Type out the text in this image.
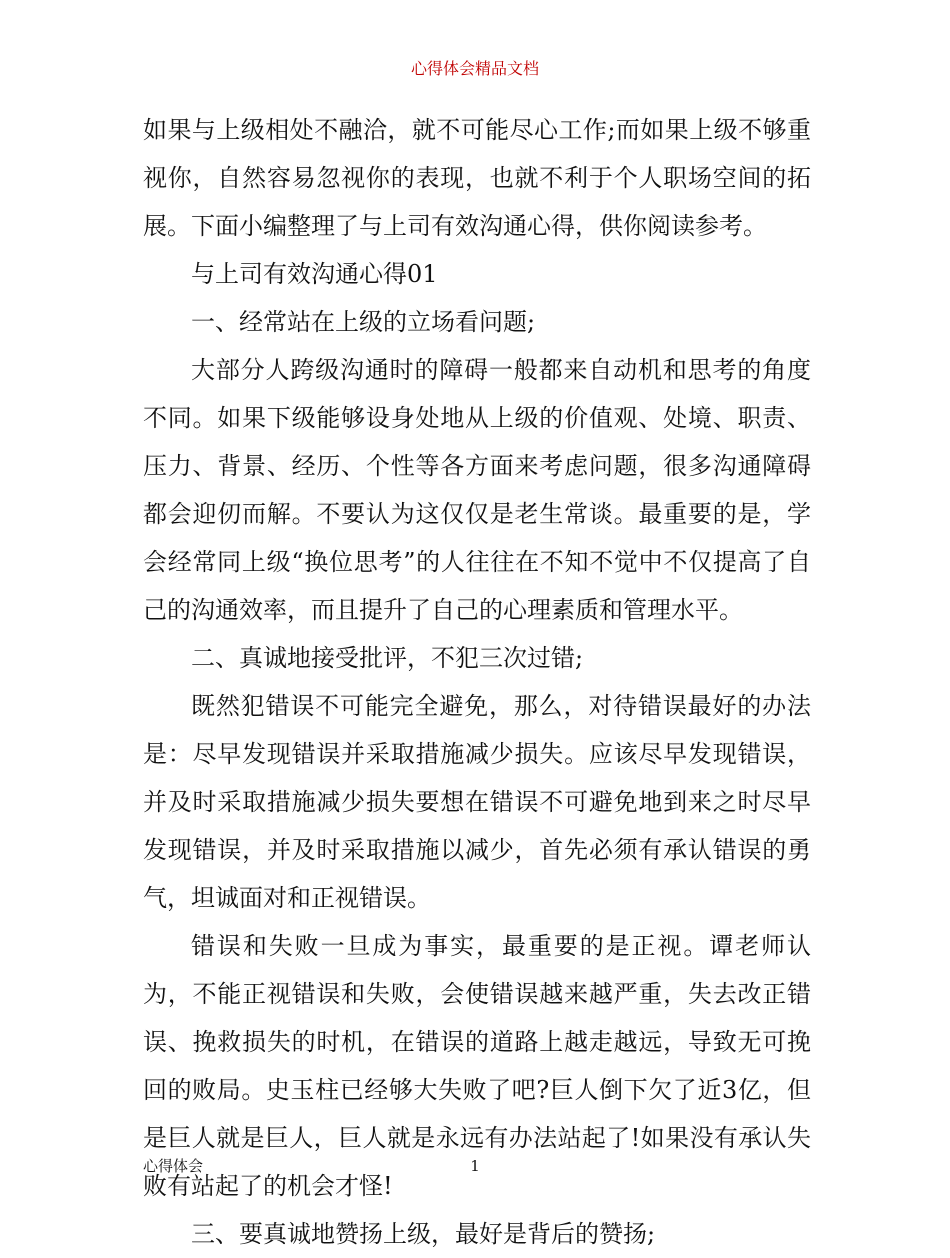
心得体会精品文档

如果与上级相处不融洽，就不可能尽心工作;而如果上级不够重视你，自然容易忽视你的表现，也就不利于个人职场空间的拓展。下面小编整理了与上司有效沟通心得，供你阅读参考。

与上司有效沟通心得01

一、经常站在上级的立场看问题;

大部分人跨级沟通时的障碍一般都来自动机和思考的角度不同。如果下级能够设身处地从上级的价值观、处境、职责、压力、背景、经历、个性等各方面来考虑问题，很多沟通障碍都会迎仞而解。不要认为这仅仅是老生常谈。最重要的是，学会经常同上级“换位思考”的人往往在不知不觉中不仅提高了自己的沟通效率，而且提升了自己的心理素质和管理水平。

二、真诚地接受批评，不犯三次过错;

既然犯错误不可能完全避免，那么，对待错误最好的办法是：尽早发现错误并采取措施减少损失。应该尽早发现错误，并及时采取措施减少损失要想在错误不可避免地到来之时尽早发现错误，并及时采取措施以减少，首先必须有承认错误的勇气，坦诚面对和正视错误。

错误和失败一旦成为事实，最重要的是正视。谭老师认为，不能正视错误和失败，会使错误越来越严重，失去改正错误、挽救损失的时机，在错误的道路上越走越远，导致无可挽回的败局。史玉柱已经够大失败了吧?巨人倒下欠了近3亿，但是巨人就是巨人，巨人就是永远有办法站起了!如果没有承认失败有站起了的机会才怪!

三、要真诚地赞扬上级，最好是背后的赞扬;

心得体会	1
